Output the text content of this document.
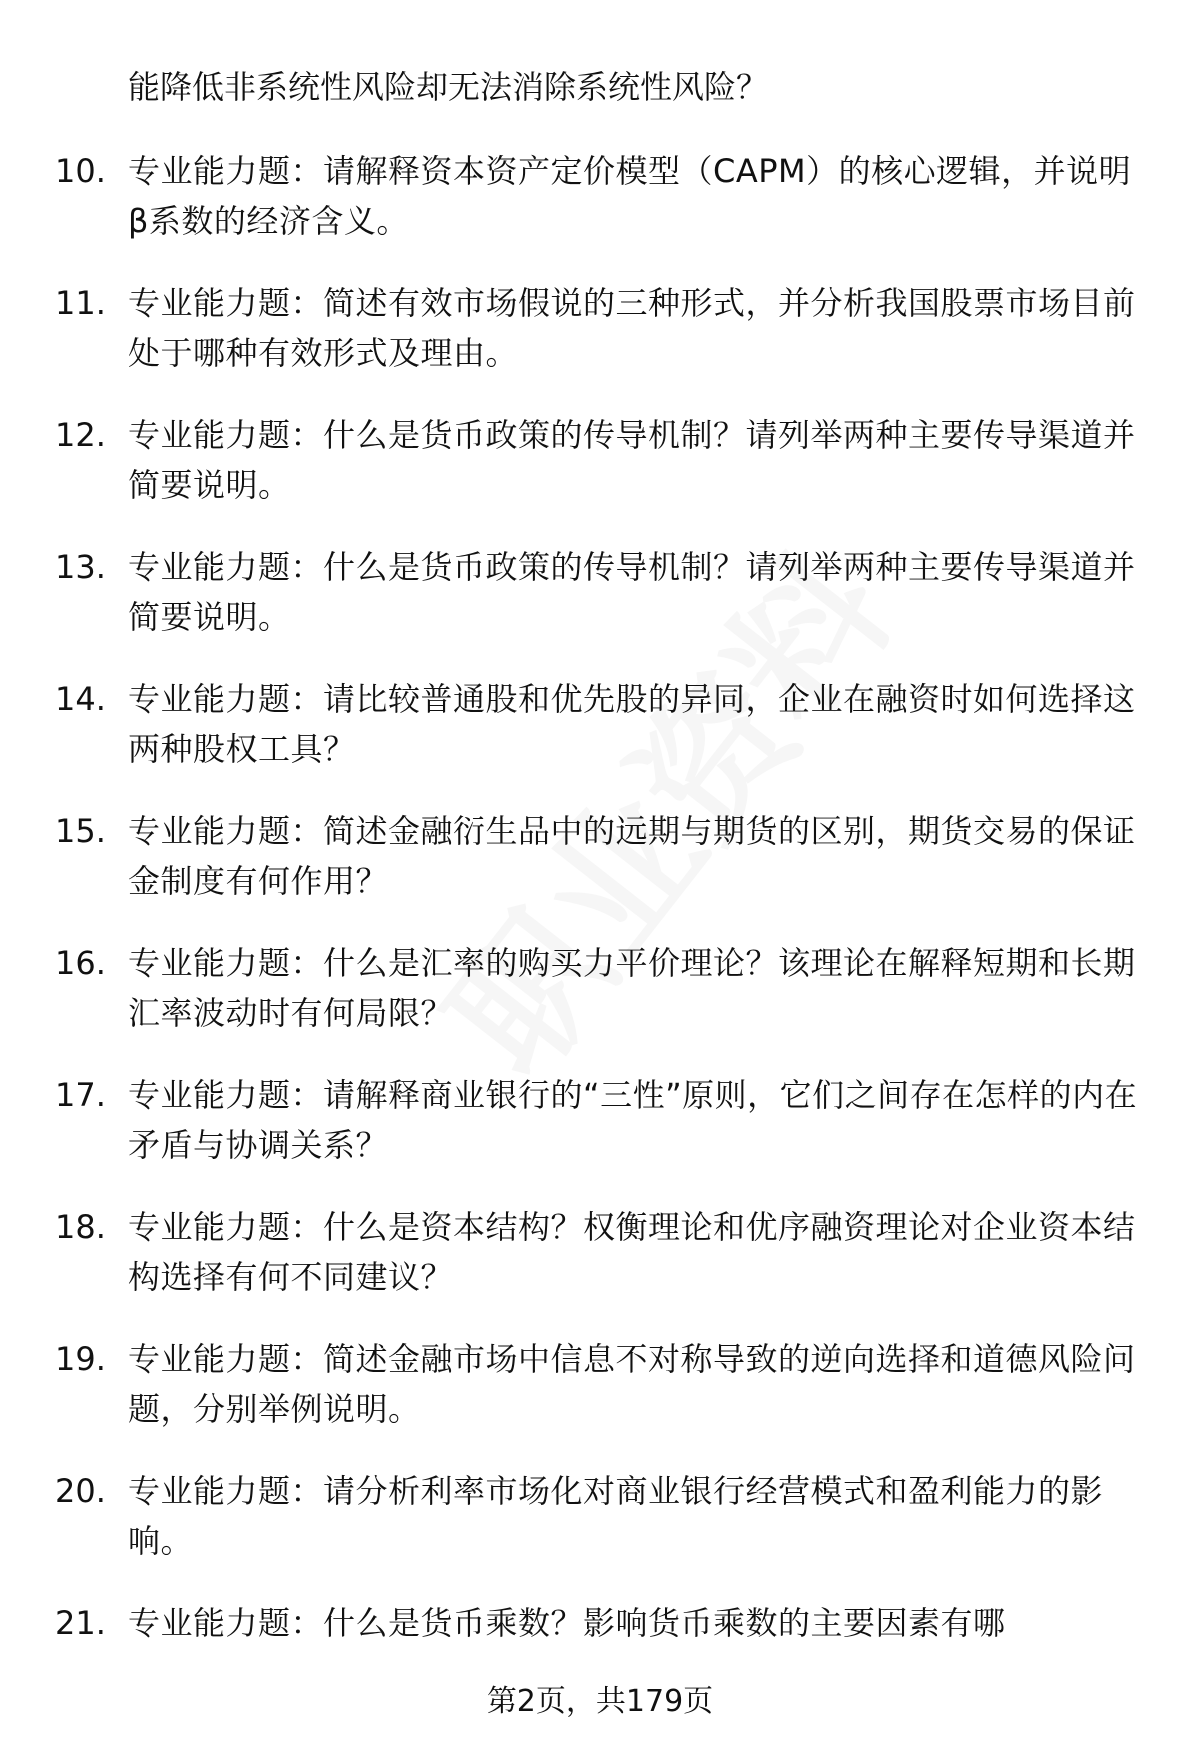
能降低非系统性风险却无法消除系统性风险？
10. 专业能力题：请解释资本资产定价模型（CAPM）的核心逻辑，并说明β系数的经济含义。
11. 专业能力题：简述有效市场假说的三种形式，并分析我国股票市场目前处于哪种有效形式及理由。
12. 专业能力题：什么是货币政策的传导机制？请列举两种主要传导渠道并简要说明。
13. 专业能力题：什么是货币政策的传导机制？请列举两种主要传导渠道并简要说明。
14. 专业能力题：请比较普通股和优先股的异同，企业在融资时如何选择这两种股权工具？
15. 专业能力题：简述金融衍生品中的远期与期货的区别，期货交易的保证金制度有何作用？
16. 专业能力题：什么是汇率的购买力平价理论？该理论在解释短期和长期汇率波动时有何局限？
17. 专业能力题：请解释商业银行的“三性”原则，它们之间存在怎样的内在矛盾与协调关系？
18. 专业能力题：什么是资本结构？权衡理论和优序融资理论对企业资本结构选择有何不同建议？
19. 专业能力题：简述金融市场中信息不对称导致的逆向选择和道德风险问题，分别举例说明。
20. 专业能力题：请分析利率市场化对商业银行经营模式和盈利能力的影响。
21. 专业能力题：什么是货币乘数？影响货币乘数的主要因素有哪
第2页，共179页
